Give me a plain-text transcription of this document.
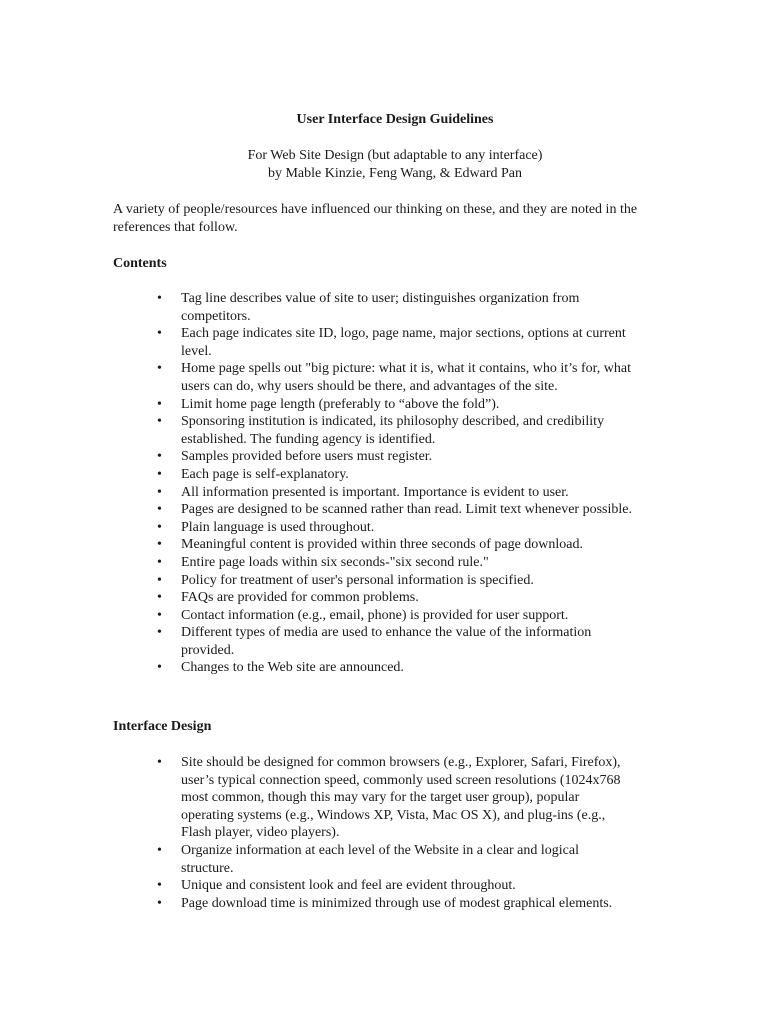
User Interface Design Guidelines
For Web Site Design (but adaptable to any interface)
by Mable Kinzie, Feng Wang, & Edward Pan
A variety of people/resources have influenced our thinking on these, and they are noted in the references that follow.
Contents
• Tag line describes value of site to user; distinguishes organization from competitors.
• Each page indicates site ID, logo, page name, major sections, options at current level.
• Home page spells out "big picture: what it is, what it contains, who it’s for, what users can do, why users should be there, and advantages of the site.
• Limit home page length (preferably to “above the fold”).
• Sponsoring institution is indicated, its philosophy described, and credibility established. The funding agency is identified.
• Samples provided before users must register.
• Each page is self-explanatory.
• All information presented is important. Importance is evident to user.
• Pages are designed to be scanned rather than read. Limit text whenever possible.
• Plain language is used throughout.
• Meaningful content is provided within three seconds of page download.
• Entire page loads within six seconds-"six second rule."
• Policy for treatment of user's personal information is specified.
• FAQs are provided for common problems.
• Contact information (e.g., email, phone) is provided for user support.
• Different types of media are used to enhance the value of the information provided.
• Changes to the Web site are announced.
Interface Design
• Site should be designed for common browsers (e.g., Explorer, Safari, Firefox), user’s typical connection speed, commonly used screen resolutions (1024x768 most common, though this may vary for the target user group), popular operating systems (e.g., Windows XP, Vista, Mac OS X), and plug-ins (e.g., Flash player, video players).
• Organize information at each level of the Website in a clear and logical structure.
• Unique and consistent look and feel are evident throughout.
• Page download time is minimized through use of modest graphical elements.
